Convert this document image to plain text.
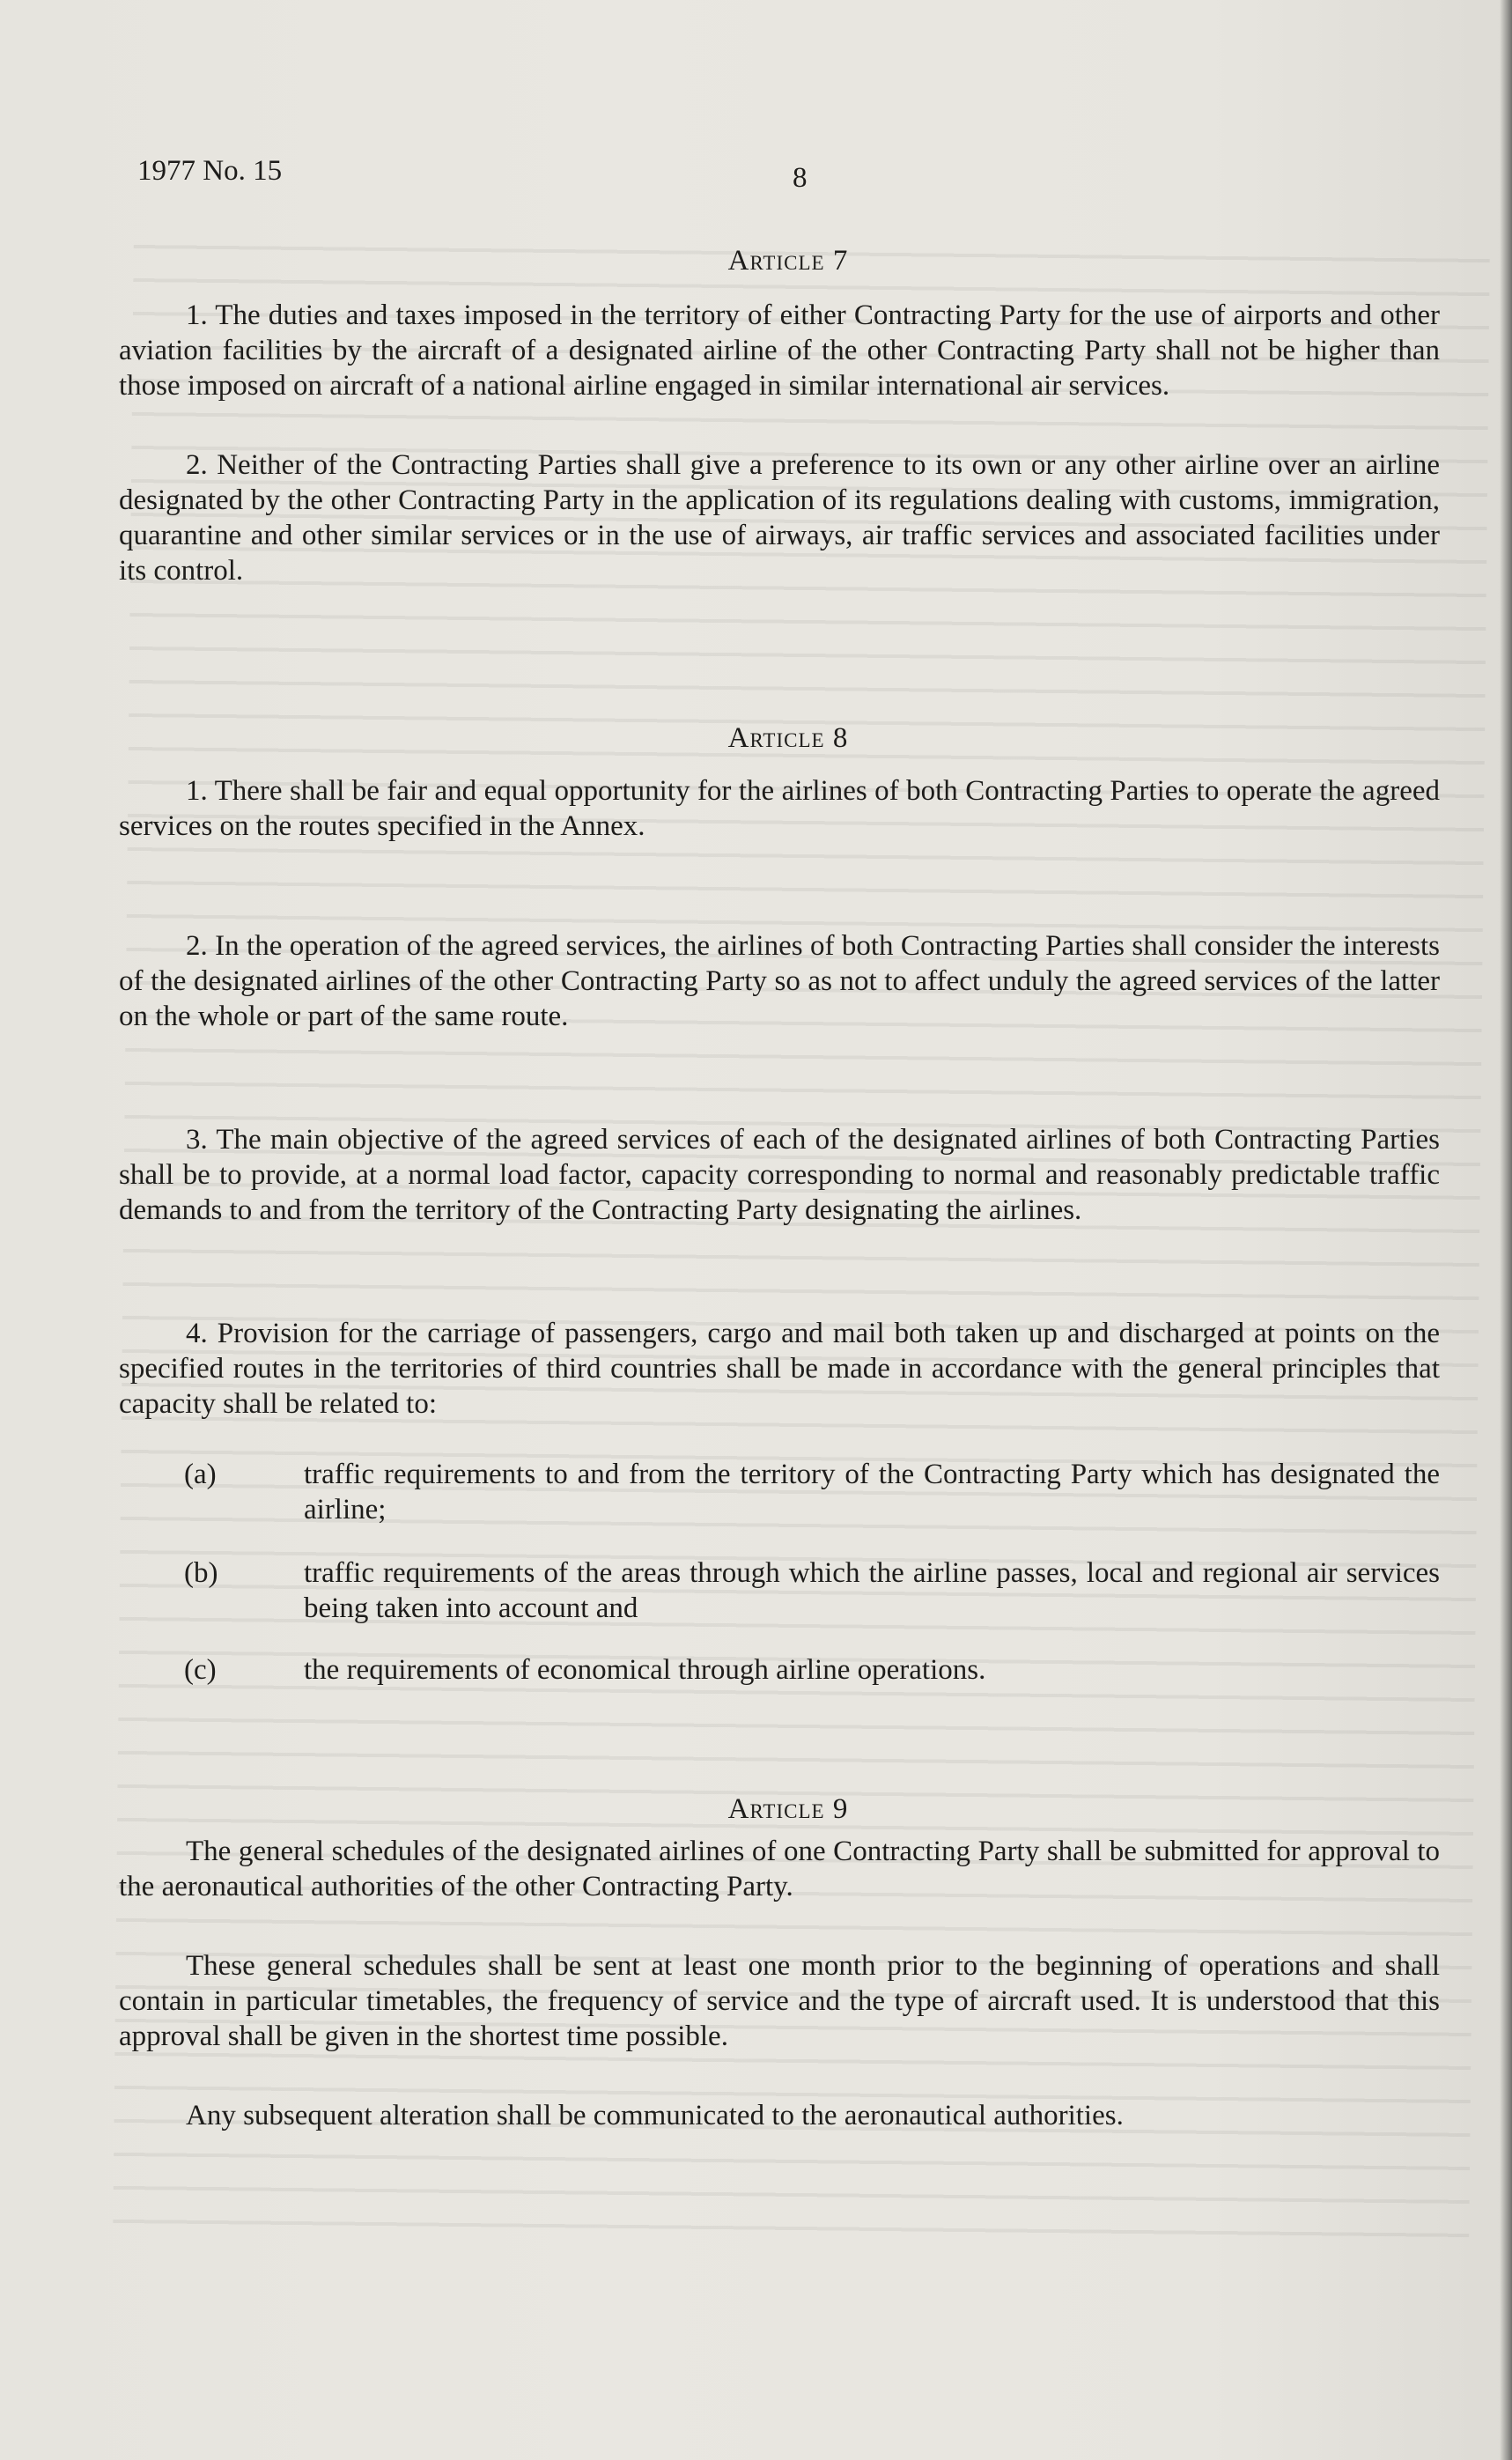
1977 No. 15	8
Article 7

1. The duties and taxes imposed in the territory of either Contracting Party for the use of airports and other aviation facilities by the aircraft of a designated airline of the other Contracting Party shall not be higher than those imposed on aircraft of a national airline engaged in similar international air services.

2. Neither of the Contracting Parties shall give a preference to its own or any other airline over an airline designated by the other Contracting Party in the application of its regulations dealing with customs, immigration, quarantine and other similar services or in the use of airways, air traffic services and associated facilities under its control.

Article 8

1. There shall be fair and equal opportunity for the airlines of both Contracting Parties to operate the agreed services on the routes specified in the Annex.

2. In the operation of the agreed services, the airlines of both Contracting Parties shall consider the interests of the designated airlines of the other Contracting Party so as not to affect unduly the agreed services of the latter on the whole or part of the same route.

3. The main objective of the agreed services of each of the designated airlines of both Contracting Parties shall be to provide, at a normal load factor, capacity corresponding to normal and reasonably predictable traffic demands to and from the territory of the Contracting Party designating the airlines.

4. Provision for the carriage of passengers, cargo and mail both taken up and discharged at points on the specified routes in the territories of third countries shall be made in accordance with the general principles that capacity shall be related to:

(a)	traffic requirements to and from the territory of the Contracting Party which has designated the airline;

(b)	traffic requirements of the areas through which the airline passes, local and regional air services being taken into account and

(c)	the requirements of economical through airline operations.

Article 9

The general schedules of the designated airlines of one Contracting Party shall be submitted for approval to the aeronautical authorities of the other Contracting Party.

These general schedules shall be sent at least one month prior to the beginning of operations and shall contain in particular timetables, the frequency of service and the type of aircraft used. It is understood that this approval shall be given in the shortest time possible.

Any subsequent alteration shall be communicated to the aeronautical authorities.
